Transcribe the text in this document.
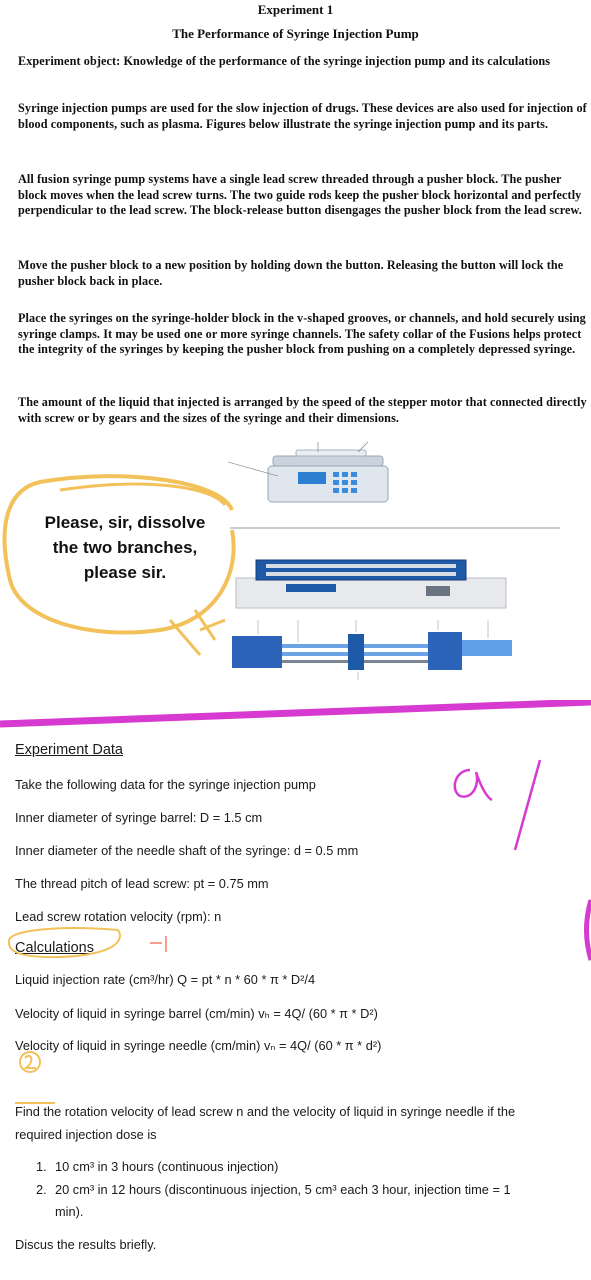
Experiment 1
The Performance of Syringe Injection Pump
Experiment object: Knowledge of the performance of the syringe injection pump and its calculations
Syringe injection pumps are used for the slow injection of drugs. These devices are also used for injection of blood components, such as plasma. Figures below illustrate the syringe injection pump and its parts.
All fusion syringe pump systems have a single lead screw threaded through a pusher block. The pusher block moves when the lead screw turns. The two guide rods keep the pusher block horizontal and perfectly perpendicular to the lead screw. The block-release button disengages the pusher block from the lead screw.
Move the pusher block to a new position by holding down the button. Releasing the button will lock the pusher block back in place.
Place the syringes on the syringe-holder block in the v-shaped grooves, or channels, and hold securely using syringe clamps. It may be used one or more syringe channels. The safety collar of the Fusions helps protect the integrity of the syringes by keeping the pusher block from pushing on a completely depressed syringe.
The amount of the liquid that injected is arranged by the speed of the stepper motor that connected directly with screw or by gears and the sizes of the syringe and their dimensions.
Please, sir, dissolve
the two branches,
please sir.
Experiment Data
Take the following data for the syringe injection pump
Inner diameter of syringe barrel: D = 1.5 cm
Inner diameter of the needle shaft of the syringe: d = 0.5 mm
The thread pitch of lead screw: pt = 0.75 mm
Lead screw rotation velocity (rpm): n
Calculations
Liquid injection rate (cm³/hr) Q = pt * n * 60 * π * D²/4
Velocity of liquid in syringe barrel (cm/min) vₕ = 4Q/ (60 * π * D²)
Velocity of liquid in syringe needle (cm/min) vₙ = 4Q/ (60 * π * d²)
Find the rotation velocity of lead screw n and the velocity of liquid in syringe needle if the
required injection dose is
1. 10 cm³ in 3 hours (continuous injection)
2. 20 cm³ in 12 hours (discontinuous injection, 5 cm³ each 3 hour, injection time = 1
min).
Discus the results briefly.
